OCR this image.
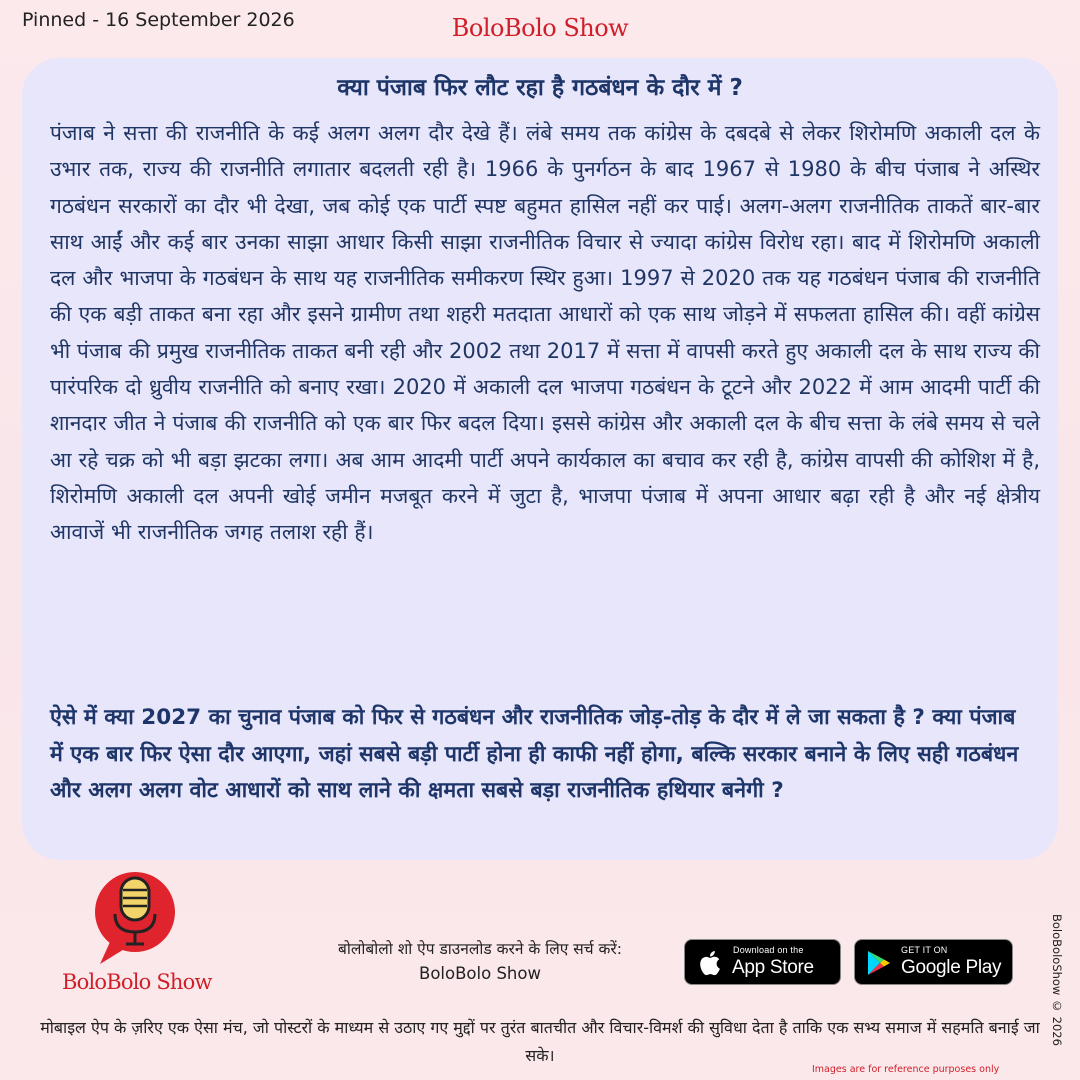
Pinned - 16 September 2026	BoloBolo Show
क्या पंजाब फिर लौट रहा है गठबंधन के दौर में ?
पंजाब ने सत्ता की राजनीति के कई अलग अलग दौर देखे हैं। लंबे समय तक कांग्रेस के दबदबे से लेकर शिरोमणि अकाली दल के उभार तक, राज्य की राजनीति लगातार बदलती रही है। 1966 के पुनर्गठन के बाद 1967 से 1980 के बीच पंजाब ने अस्थिर गठबंधन सरकारों का दौर भी देखा, जब कोई एक पार्टी स्पष्ट बहुमत हासिल नहीं कर पाई। अलग-अलग राजनीतिक ताकतें बार-बार साथ आईं और कई बार उनका साझा आधार किसी साझा राजनीतिक विचार से ज्यादा कांग्रेस विरोध रहा। बाद में शिरोमणि अकाली दल और भाजपा के गठबंधन के साथ यह राजनीतिक समीकरण स्थिर हुआ। 1997 से 2020 तक यह गठबंधन पंजाब की राजनीति की एक बड़ी ताकत बना रहा और इसने ग्रामीण तथा शहरी मतदाता आधारों को एक साथ जोड़ने में सफलता हासिल की। वहीं कांग्रेस भी पंजाब की प्रमुख राजनीतिक ताकत बनी रही और 2002 तथा 2017 में सत्ता में वापसी करते हुए अकाली दल के साथ राज्य की पारंपरिक दो ध्रुवीय राजनीति को बनाए रखा। 2020 में अकाली दल भाजपा गठबंधन के टूटने और 2022 में आम आदमी पार्टी की शानदार जीत ने पंजाब की राजनीति को एक बार फिर बदल दिया। इससे कांग्रेस और अकाली दल के बीच सत्ता के लंबे समय से चले आ रहे चक्र को भी बड़ा झटका लगा। अब आम आदमी पार्टी अपने कार्यकाल का बचाव कर रही है, कांग्रेस वापसी की कोशिश में है, शिरोमणि अकाली दल अपनी खोई जमीन मजबूत करने में जुटा है, भाजपा पंजाब में अपना आधार बढ़ा रही है और नई क्षेत्रीय आवाजें भी राजनीतिक जगह तलाश रही हैं।
ऐसे में क्या 2027 का चुनाव पंजाब को फिर से गठबंधन और राजनीतिक जोड़-तोड़ के दौर में ले जा सकता है ? क्या पंजाब में एक बार फिर ऐसा दौर आएगा, जहां सबसे बड़ी पार्टी होना ही काफी नहीं होगा, बल्कि सरकार बनाने के लिए सही गठबंधन और अलग अलग वोट आधारों को साथ लाने की क्षमता सबसे बड़ा राजनीतिक हथियार बनेगी ?
BoloBolo Show
बोलोबोलो शो ऐप डाउनलोड करने के लिए सर्च करें:
BoloBolo Show
Download on the
App Store
GET IT ON
Google Play
मोबाइल ऐप के ज़रिए एक ऐसा मंच, जो पोस्टरों के माध्यम से उठाए गए मुद्दों पर तुरंत बातचीत और विचार-विमर्श की सुविधा देता है ताकि एक सभ्य समाज में सहमति बनाई जा सके।
BoloBoloShow © 2026
Images are for reference purposes only
